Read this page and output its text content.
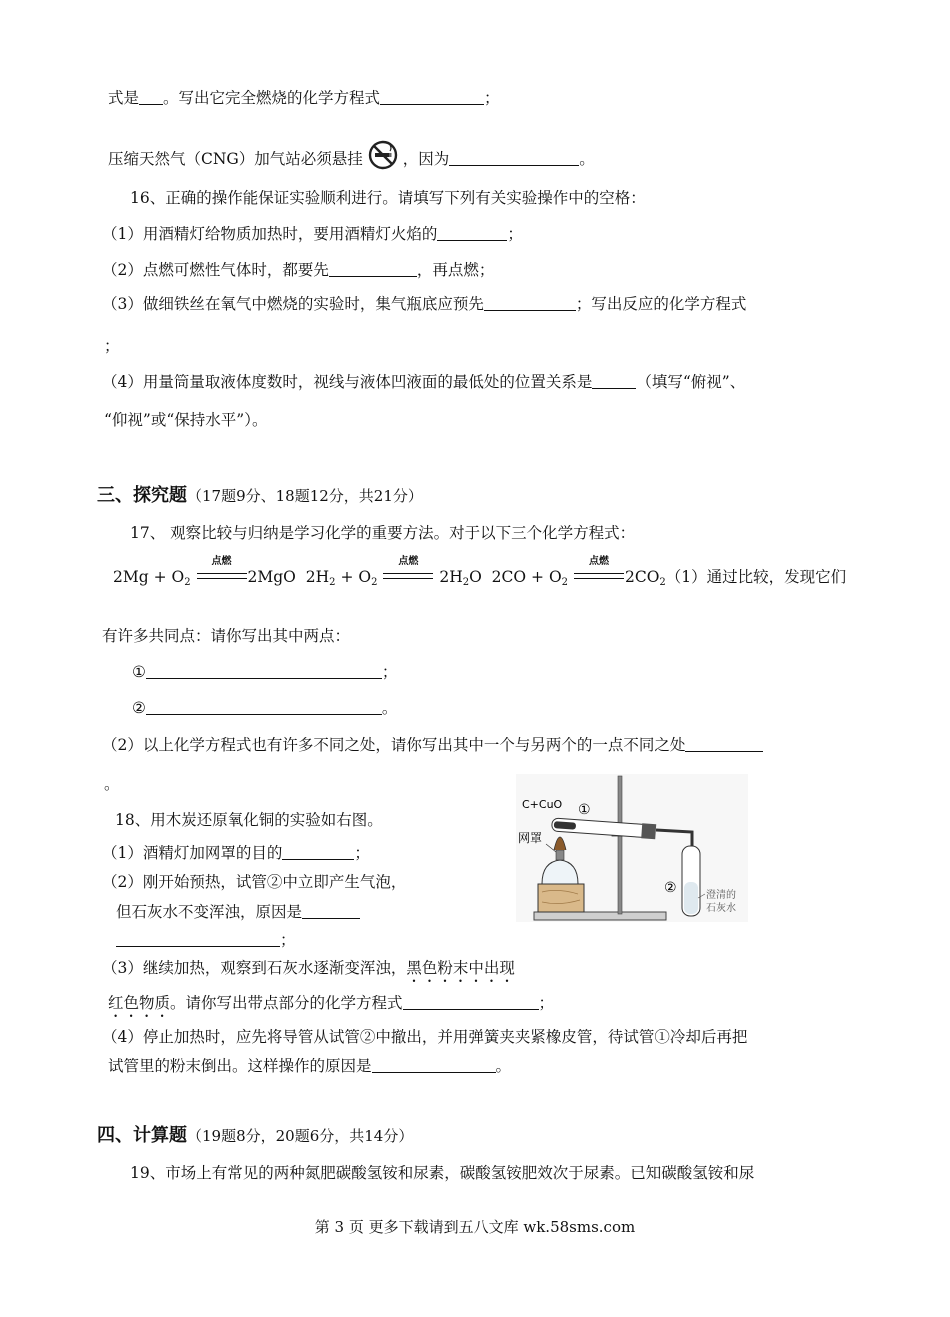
式是 。写出它完全燃烧的化学方程式	；
压缩天然气（CNG）加气站必须悬挂	，因为	。
16、正确的操作能保证实验顺利进行。请填写下列有关实验操作中的空格：
（1）用酒精灯给物质加热时，要用酒精灯火焰的	；
（2）点燃可燃性气体时，都要先	，再点燃；
（3）做细铁丝在氧气中燃烧的实验时，集气瓶底应预先	；写出反应的化学方程式
；
（4）用量筒量取液体度数时，视线与液体凹液面的最低处的位置关系是	（填写“俯视”、
“仰视”或“保持水平”）。
三、探究题（17题9分、18题12分，共21分）
17、 观察比较与归纳是学习化学的重要方法。对于以下三个化学方程式：
$2Mg + O_2$
点燃
2MgO $2H_2 + O_2$
点燃
$2H_2O$ $2CO + O_2$
点燃
$2CO_2(1)$通过比较，发现它们
有许多共同点：请你写出其中两点：
①	；
②	。
（2）以上化学方程式也有许多不同之处，请你写出其中一个与另两个的一点不同之处
。
18、用木炭还原氧化铜的实验如右图。
（1）酒精灯加网罩的目的	；
（2）刚开始预热，试管②中立即产生气泡，
但石灰水不变浑浊，原因是
；
C+CuO ①
网罩
②	澄清的
石灰水
（3）继续加热，观察到石灰水逐渐变浑浊，黑色粉末中出现
红色物质。请你写出带点部分的化学方程式	；
（4）停止加热时，应先将导管从试管②中撤出，并用弹簧夹夹紧橡皮管，待试管①冷却后再把
试管里的粉末倒出。这样操作的原因是	。
四、计算题（19题8分，20题6分，共14分）
19、市场上有常见的两种氮肥碳酸氢铵和尿素，碳酸氢铵肥效次于尿素。已知碳酸氢铵和尿
第 3 页 更多下载请到五八文库 wk.58sms.com
